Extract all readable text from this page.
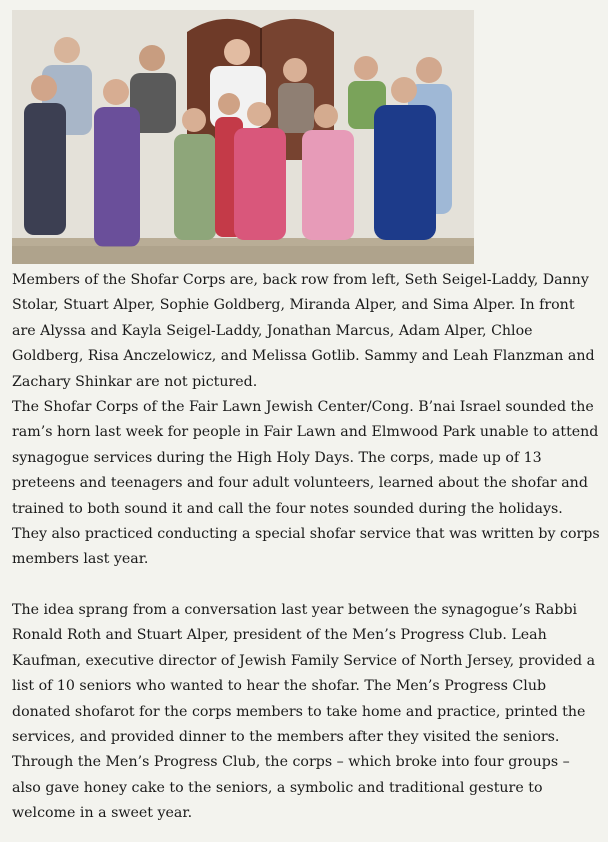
Members of the Shofar Corps are, back row from left, Seth Seigel-Laddy, Danny Stolar, Stuart Alper, Sophie Goldberg, Miranda Alper, and Sima Alper. In front are Alyssa and Kayla Seigel-Laddy, Jonathan Marcus, Adam Alper, Chloe Goldberg, Risa Anczelowicz, and Melissa Gotlib. Sammy and Leah Flanzman and Zachary Shinkar are not pictured.

The Shofar Corps of the Fair Lawn Jewish Center/Cong. B’nai Israel sounded the ram’s horn last week for people in Fair Lawn and Elmwood Park unable to attend synagogue services during the High Holy Days. The corps, made up of 13 preteens and teenagers and four adult volunteers, learned about the shofar and trained to both sound it and call the four notes sounded during the holidays. They also practiced conducting a special shofar service that was written by corps members last year.

The idea sprang from a conversation last year between the synagogue’s Rabbi Ronald Roth and Stuart Alper, president of the Men’s Progress Club. Leah Kaufman, executive director of Jewish Family Service of North Jersey, provided a list of 10 seniors who wanted to hear the shofar. The Men’s Progress Club donated shofarot for the corps members to take home and practice, printed the services, and provided dinner to the members after they visited the seniors. Through the Men’s Progress Club, the corps – which broke into four groups – also gave honey cake to the seniors, a symbolic and traditional gesture to welcome in a sweet year.
